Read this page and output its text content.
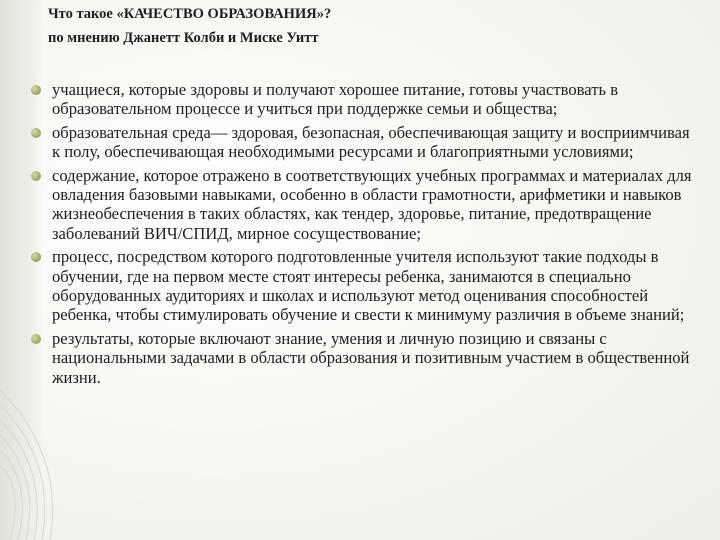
Что такое «КАЧЕСТВО ОБРАЗОВАНИЯ»?
по мнению Джанетт Колби и Миске Уитт
учащиеся, которые здоровы и получают хорошее питание, готовы участвовать в образовательном процессе и учиться при поддержке семьи и общества;
образовательная среда— здоровая, безопасная, обеспечивающая защиту и восприимчивая к полу, обеспечивающая необходимыми ресурсами и благоприятными условиями;
содержание, которое отражено в соответствующих учебных программах и материалах для овладения базовыми навыками, особенно в области грамотности, арифметики и навыков жизнеобеспечения в таких областях, как тендер, здоровье, питание, предотвращение заболеваний ВИЧ/СПИД, мирное сосуществование;
процесс, посредством которого подготовленные учителя используют такие подходы в обучении, где на первом месте стоят интересы ребенка, занимаются в специально оборудованных аудиториях и школах и используют метод оценивания способностей ребенка, чтобы стимулировать обучение и свести к минимуму различия в объеме знаний;
результаты, которые включают знание, умения и личную позицию и связаны с национальными задачами в области образования и позитивным участием в общественной жизни.
